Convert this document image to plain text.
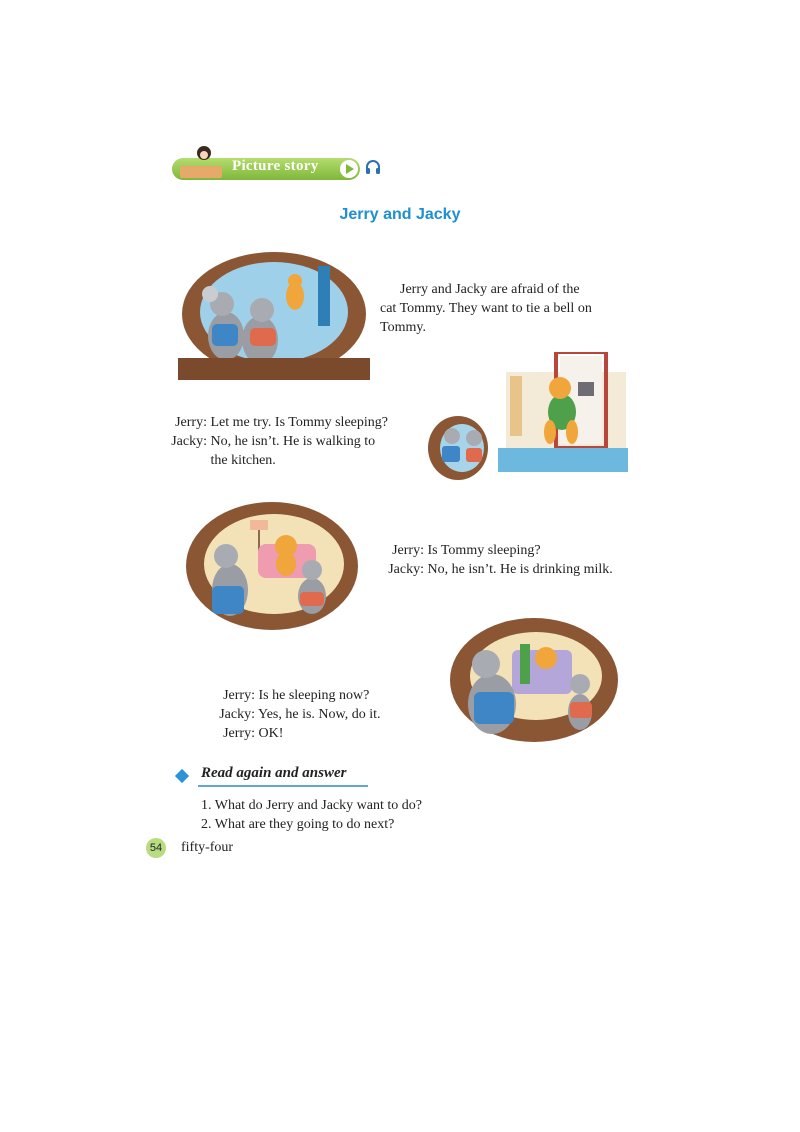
Picture story
Jerry and Jacky
Jerry and Jacky are afraid of the
cat Tommy. They want to tie a bell on
Tommy.
Jerry: Let me try. Is Tommy sleeping?
Jacky: No, he isn’t. He is walking to
the kitchen.
Jerry: Is Tommy sleeping?
Jacky: No, he isn’t. He is drinking milk.
Jerry: Is he sleeping now?
Jacky: Yes, he is. Now, do it.
Jerry: OK!
Read again and answer
1. What do Jerry and Jacky want to do?
2. What are they going to do next?
54 fifty-four
